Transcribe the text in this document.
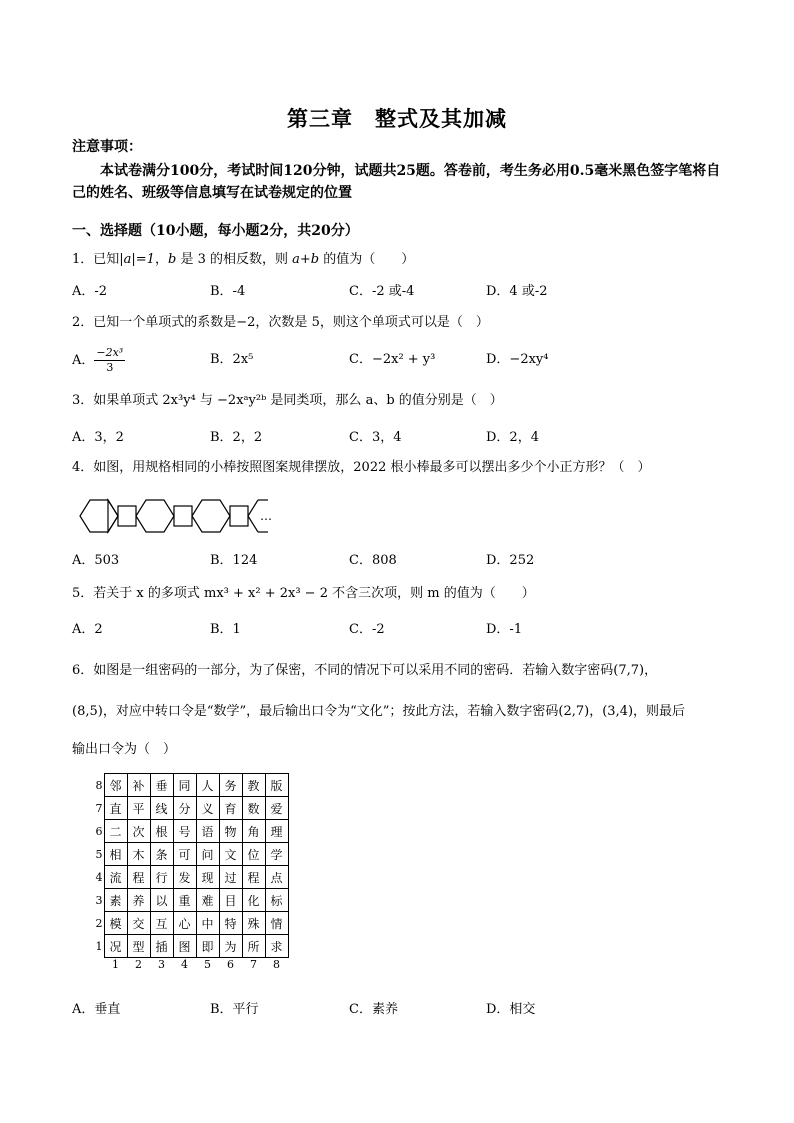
第三章　整式及其加减
注意事项：
本试卷满分100分，考试时间120分钟，试题共25题。答卷前，考生务必用0.5毫米黑色签字笔将自己的姓名、班级等信息填写在试卷规定的位置
一、选择题（10小题，每小题2分，共20分）
1．已知|a|=1，b 是 3 的相反数，则 a+b 的值为（　　）
A．-2	B．-4	C．-2 或-4	D．4 或-2
2．已知一个单项式的系数是−2，次数是 5，则这个单项式可以是（　）
A． $\frac{\text{−2x³}}{3}$	B．2x⁵	C．−2x² + y³	D．−2xy⁴
3．如果单项式 2x³y⁴ 与 −2xᵃy²ᵇ 是同类项，那么 a、b 的值分别是（　）
A．3，2	B．2，2	C．3，4	D．2，4
4．如图，用规格相同的小棒按照图案规律摆放，2022 根小棒最多可以摆出多少个小正方形？（　）
…
A．503	B．124	C．808	D．252
5．若关于 x 的多项式 mx³ + x² + 2x³ − 2 不含三次项，则 m 的值为（　　）
A．2	B．1	C．-2	D．-1
6．如图是一组密码的一部分，为了保密，不同的情况下可以采用不同的密码．若输入数字密码(7,7)，
(8,5)，对应中转口令是“数学”，最后输出口令为“文化”；按此方法，若输入数字密码(2,7)，(3,4)，则最后
输出口令为（　）
8	邻	补	垂	同	人	务	教	版
7	直	平	线	分	义	育	数	爱
6	二	次	根	号	语	物	角	理
5	相	木	条	可	问	文	位	学
4	流	程	行	发	现	过	程	点
3	素	养	以	重	难	目	化	标
2	模	交	互	心	中	特	殊	情
1	况	型	插	图	即	为	所	求
	1	2	3	4	5	6	7	8
A．垂直	B．平行	C．素养	D．相交
